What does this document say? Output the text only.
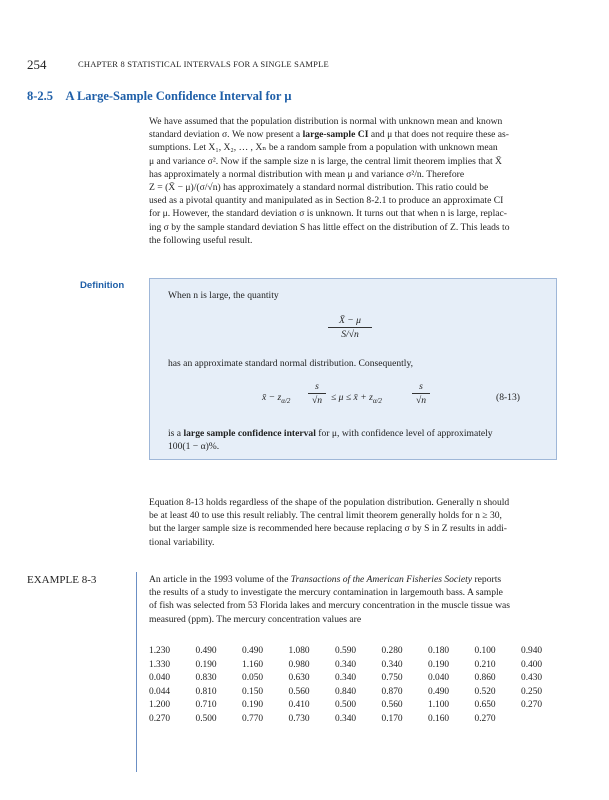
254	CHAPTER 8 STATISTICAL INTERVALS FOR A SINGLE SAMPLE
8-2.5 A Large-Sample Confidence Interval for μ

We have assumed that the population distribution is normal with unknown mean and known

standard deviation σ. We now present a large-sample CI and μ that does not require these as-

sumptions. Let X₁, X₂, … , Xₙ be a random sample from a population with unknown mean

μ and variance σ². Now if the sample size n is large, the central limit theorem implies that X̄

has approximately a normal distribution with mean μ and variance σ²/n. Therefore

Z = (X̄ − μ)/(σ/√n) has approximately a standard normal distribution. This ratio could be

used as a pivotal quantity and manipulated as in Section 8-2.1 to produce an approximate CI

for μ. However, the standard deviation σ is unknown. It turns out that when n is large, replac-

ing σ by the sample standard deviation S has little effect on the distribution of Z. This leads to

the following useful result.

Definition
When n is large, the quantity
X̄ − μ
S/√n
has an approximate standard normal distribution. Consequently,
x̄ − $z_{\alpha/2}$
s
√n ≤ μ ≤ x̄ + $z_{\alpha/2}$
s
√n	(8-13)
is a large sample confidence interval for μ, with confidence level of approximately
100(1 − α)%.

Equation 8-13 holds regardless of the shape of the population distribution. Generally n should

be at least 40 to use this result reliably. The central limit theorem generally holds for n ≥ 30,

but the larger sample size is recommended here because replacing σ by S in Z results in addi-

tional variability.

EXAMPLE 8-3	An article in the 1993 volume of the Transactions of the American Fisheries Society reports

the results of a study to investigate the mercury contamination in largemouth bass. A sample

of fish was selected from 53 Florida lakes and mercury concentration in the muscle tissue was

measured (ppm). The mercury concentration values are

1.230	0.490	0.490	1.080	0.590	0.280	0.180	0.100	0.940
1.330	0.190	1.160	0.980	0.340	0.340	0.190	0.210	0.400
0.040	0.830	0.050	0.630	0.340	0.750	0.040	0.860	0.430
0.044	0.810	0.150	0.560	0.840	0.870	0.490	0.520	0.250
1.200	0.710	0.190	0.410	0.500	0.560	1.100	0.650	0.270
0.270	0.500	0.770	0.730	0.340	0.170	0.160	0.270	
